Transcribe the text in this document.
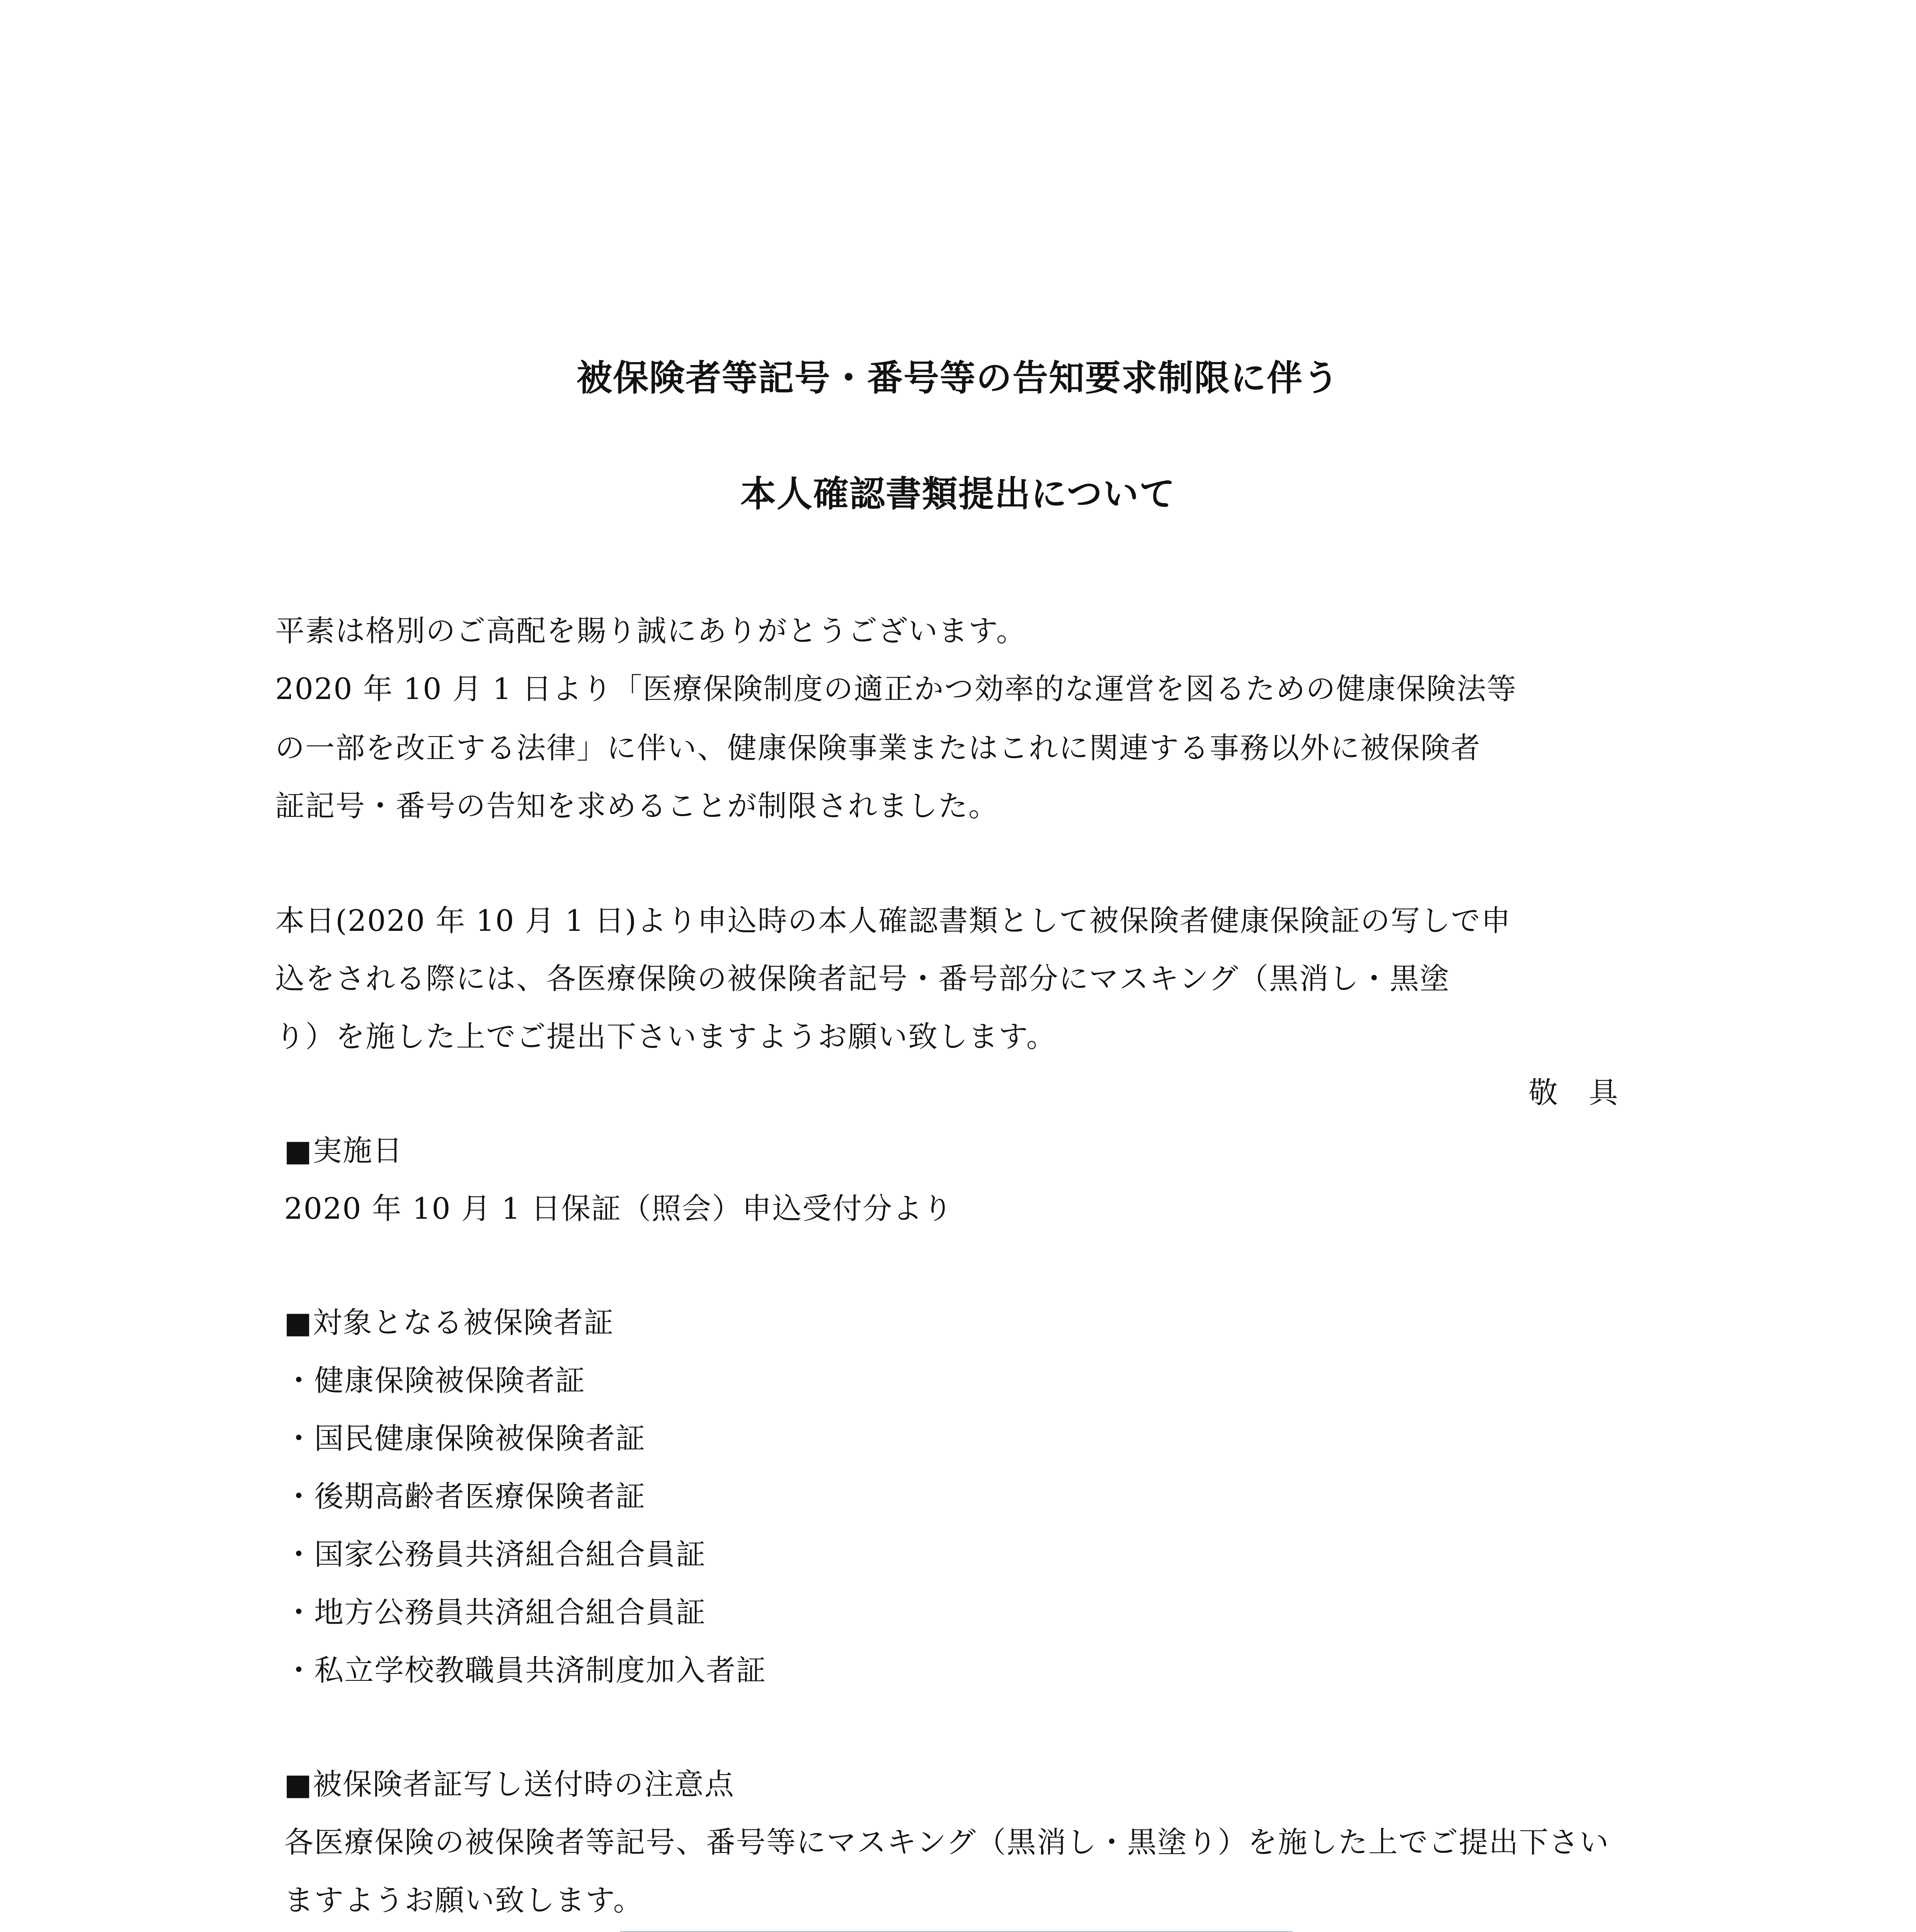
被保険者等記号・番号等の告知要求制限に伴う
本人確認書類提出について
平素は格別のご高配を賜り誠にありがとうございます。
2020 年 10 月 1 日より「医療保険制度の適正かつ効率的な運営を図るための健康保険法等
の一部を改正する法律」に伴い、健康保険事業またはこれに関連する事務以外に被保険者
証記号・番号の告知を求めることが制限されました。
本日(2020 年 10 月 1 日)より申込時の本人確認書類として被保険者健康保険証の写しで申
込をされる際には、各医療保険の被保険者記号・番号部分にマスキング（黒消し・黒塗
り）を施した上でご提出下さいますようお願い致します。
敬　具
■実施日
2020 年 10 月 1 日保証（照会）申込受付分より
■対象となる被保険者証
・健康保険被保険者証
・国民健康保険被保険者証
・後期高齢者医療保険者証
・国家公務員共済組合組合員証
・地方公務員共済組合組合員証
・私立学校教職員共済制度加入者証
■被保険者証写し送付時の注意点
各医療保険の被保険者等記号、番号等にマスキング（黒消し・黒塗り）を施した上でご提出下さい
ますようお願い致します。
